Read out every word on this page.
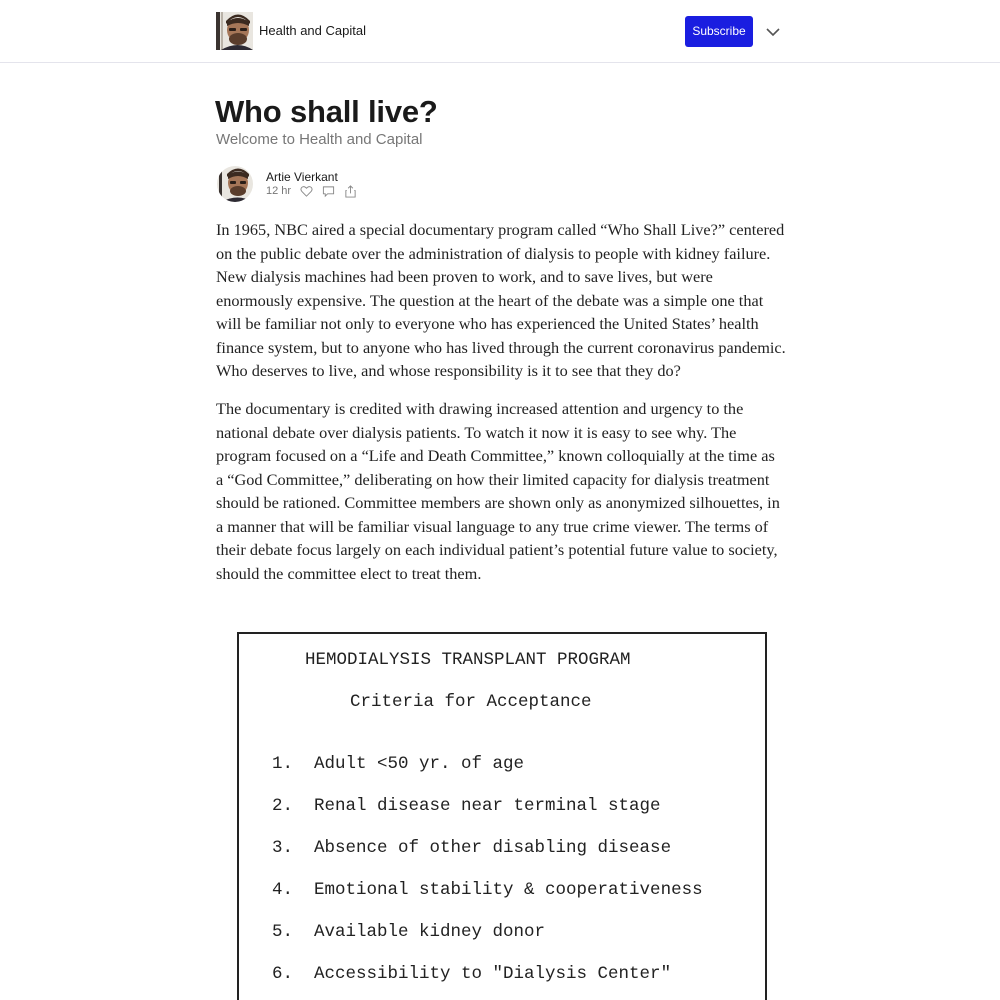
Health and Capital	Subscribe
Who shall live?
Welcome to Health and Capital
Artie Vierkant
12 hr

In 1965, NBC aired a special documentary program called “Who Shall Live?” centered on the public debate over the administration of dialysis to people with kidney failure. New dialysis machines had been proven to work, and to save lives, but were enormously expensive. The question at the heart of the debate was a simple one that will be familiar not only to everyone who has experienced the United States’ health finance system, but to anyone who has lived through the current coronavirus pandemic. Who deserves to live, and whose responsibility is it to see that they do?

The documentary is credited with drawing increased attention and urgency to the national debate over dialysis patients. To watch it now it is easy to see why. The program focused on a “Life and Death Committee,” known colloquially at the time as a “God Committee,” deliberating on how their limited capacity for dialysis treatment should be rationed. Committee members are shown only as anonymized silhouettes, in a manner that will be familiar visual language to any true crime viewer. The terms of their debate focus largely on each individual patient’s potential future value to society, should the committee elect to treat them.

HEMODIALYSIS TRANSPLANT PROGRAM
Criteria for Acceptance
1.  Adult <50 yr. of age
2.  Renal disease near terminal stage
3.  Absence of other disabling disease
4.  Emotional stability & cooperativeness
5.  Available kidney donor
6.  Accessibility to "Dialysis Center"
